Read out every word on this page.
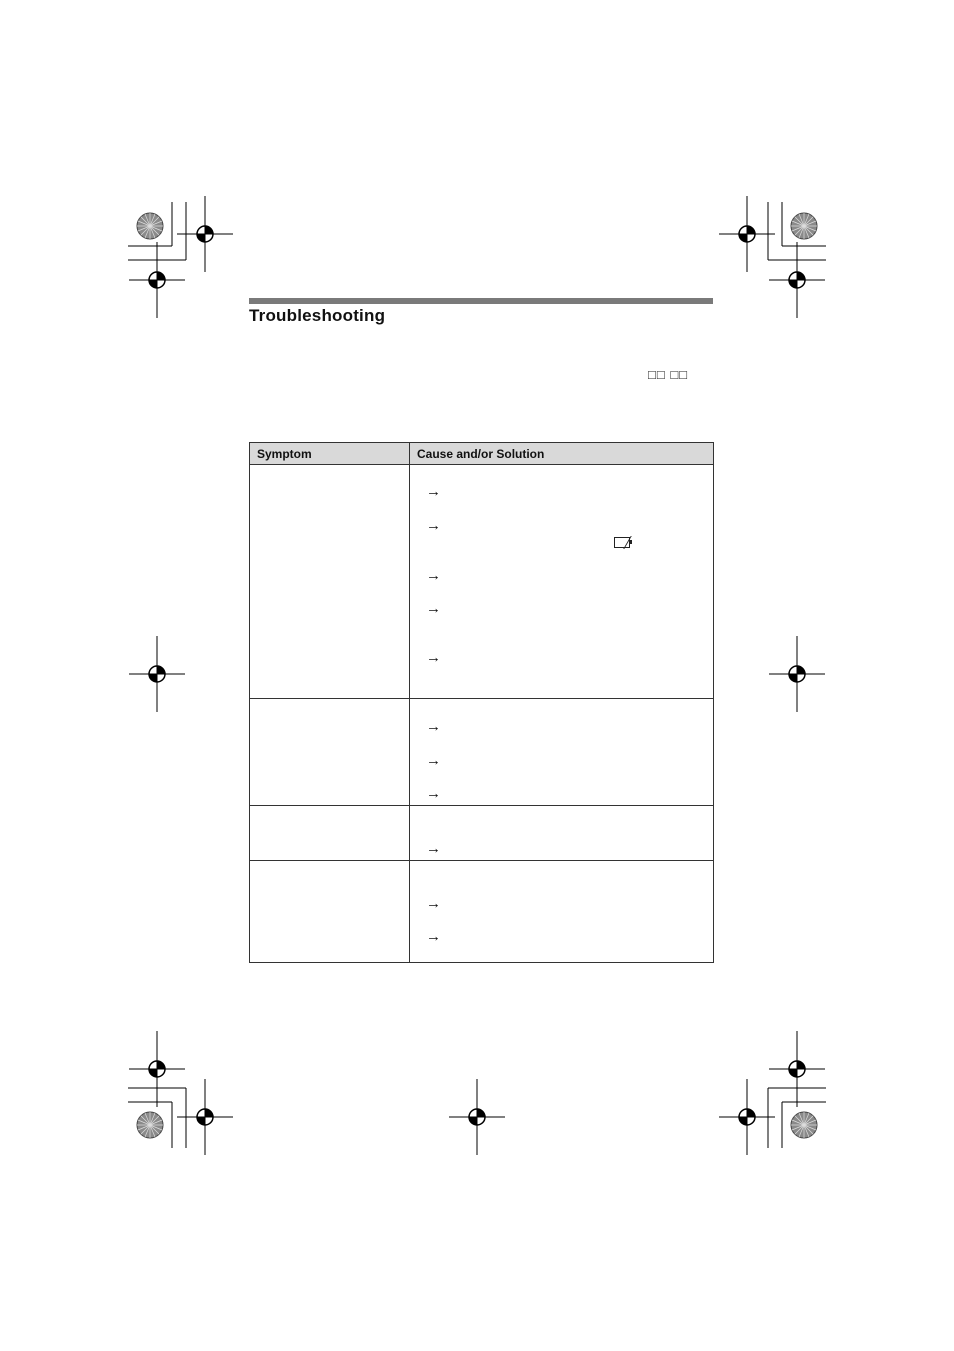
Troubleshooting
□□ □□
Symptom	Cause and/or Solution

	→
→
→
→
→

	→
→
→

	→

	→
→
